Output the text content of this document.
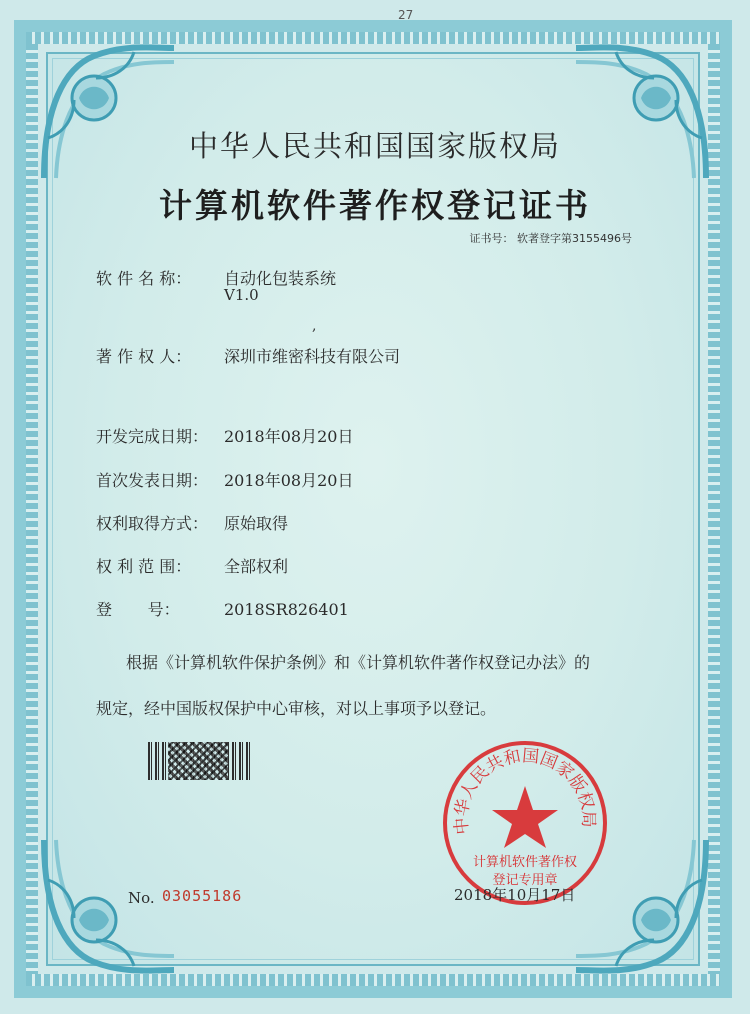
27
中华人民共和国国家版权局
计算机软件著作权登记证书
证书号： 软著登字第3155496号
软 件 名 称： 自动化包装系统
V1.0
,
著 作 权 人： 深圳市维密科技有限公司
开发完成日期： 2018年08月20日
首次发表日期： 2018年08月20日
权利取得方式： 原始取得
权 利 范 围： 全部权利
登       号：	2018SR826401
根据《计算机软件保护条例》和《计算机软件著作权登记办法》的
规定，经中国版权保护中心审核，对以上事项予以登记。
中华人民共和国国家版权局
计算机软件著作权
登记专用章
No. 03055186	2018年10月17日
